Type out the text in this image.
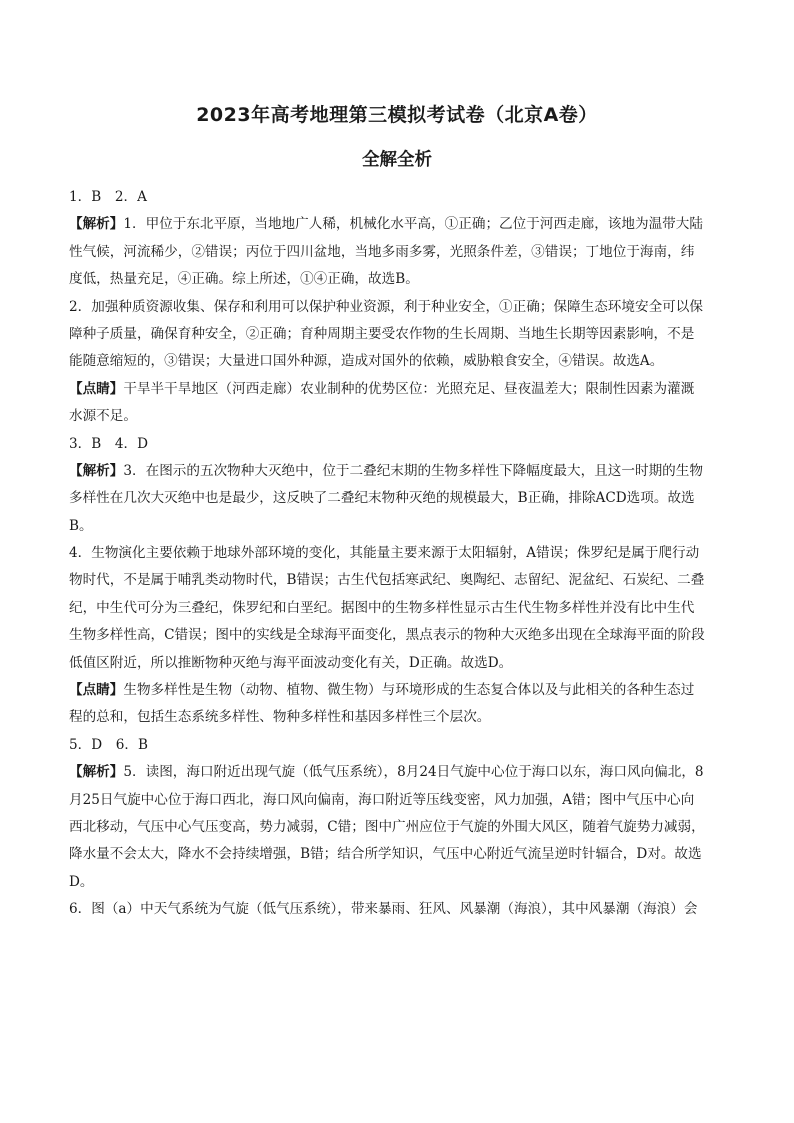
2023年高考地理第三模拟考试卷（北京A卷）
全解全析
1．B　2．A
【解析】1．甲位于东北平原，当地地广人稀，机械化水平高，①正确；乙位于河西走廊，该地为温带大陆
性气候，河流稀少，②错误；丙位于四川盆地，当地多雨多雾，光照条件差，③错误；丁地位于海南，纬
度低，热量充足，④正确。综上所述，①④正确，故选B。
2．加强种质资源收集、保存和利用可以保护种业资源，利于种业安全，①正确；保障生态环境安全可以保
障种子质量，确保育种安全，②正确；育种周期主要受农作物的生长周期、当地生长期等因素影响，不是
能随意缩短的，③错误；大量进口国外种源，造成对国外的依赖，威胁粮食安全，④错误。故选A。
【点睛】干旱半干旱地区（河西走廊）农业制种的优势区位：光照充足、昼夜温差大；限制性因素为灌溉
水源不足。
3．B　4．D
【解析】3．在图示的五次物种大灭绝中，位于二叠纪末期的生物多样性下降幅度最大，且这一时期的生物
多样性在几次大灭绝中也是最少，这反映了二叠纪末物种灭绝的规模最大，B正确，排除ACD选项。故选
B。
4．生物演化主要依赖于地球外部环境的变化，其能量主要来源于太阳辐射，A错误；侏罗纪是属于爬行动
物时代，不是属于哺乳类动物时代，B错误；古生代包括寒武纪、奥陶纪、志留纪、泥盆纪、石炭纪、二叠
纪，中生代可分为三叠纪，侏罗纪和白垩纪。据图中的生物多样性显示古生代生物多样性并没有比中生代
生物多样性高，C错误；图中的实线是全球海平面变化，黑点表示的物种大灭绝多出现在全球海平面的阶段
低值区附近，所以推断物种灭绝与海平面波动变化有关，D正确。故选D。
【点睛】生物多样性是生物（动物、植物、微生物）与环境形成的生态复合体以及与此相关的各种生态过
程的总和，包括生态系统多样性、物种多样性和基因多样性三个层次。
5．D　6．B
【解析】5．读图，海口附近出现气旋（低气压系统），8月24日气旋中心位于海口以东，海口风向偏北，8
月25日气旋中心位于海口西北，海口风向偏南，海口附近等压线变密，风力加强，A错；图中气压中心向
西北移动，气压中心气压变高，势力减弱，C错；图中广州应位于气旋的外围大风区，随着气旋势力减弱，
降水量不会太大，降水不会持续增强，B错；结合所学知识，气压中心附近气流呈逆时针辐合，D对。故选
D。
6．图（a）中天气系统为气旋（低气压系统），带来暴雨、狂风、风暴潮（海浪），其中风暴潮（海浪）会
